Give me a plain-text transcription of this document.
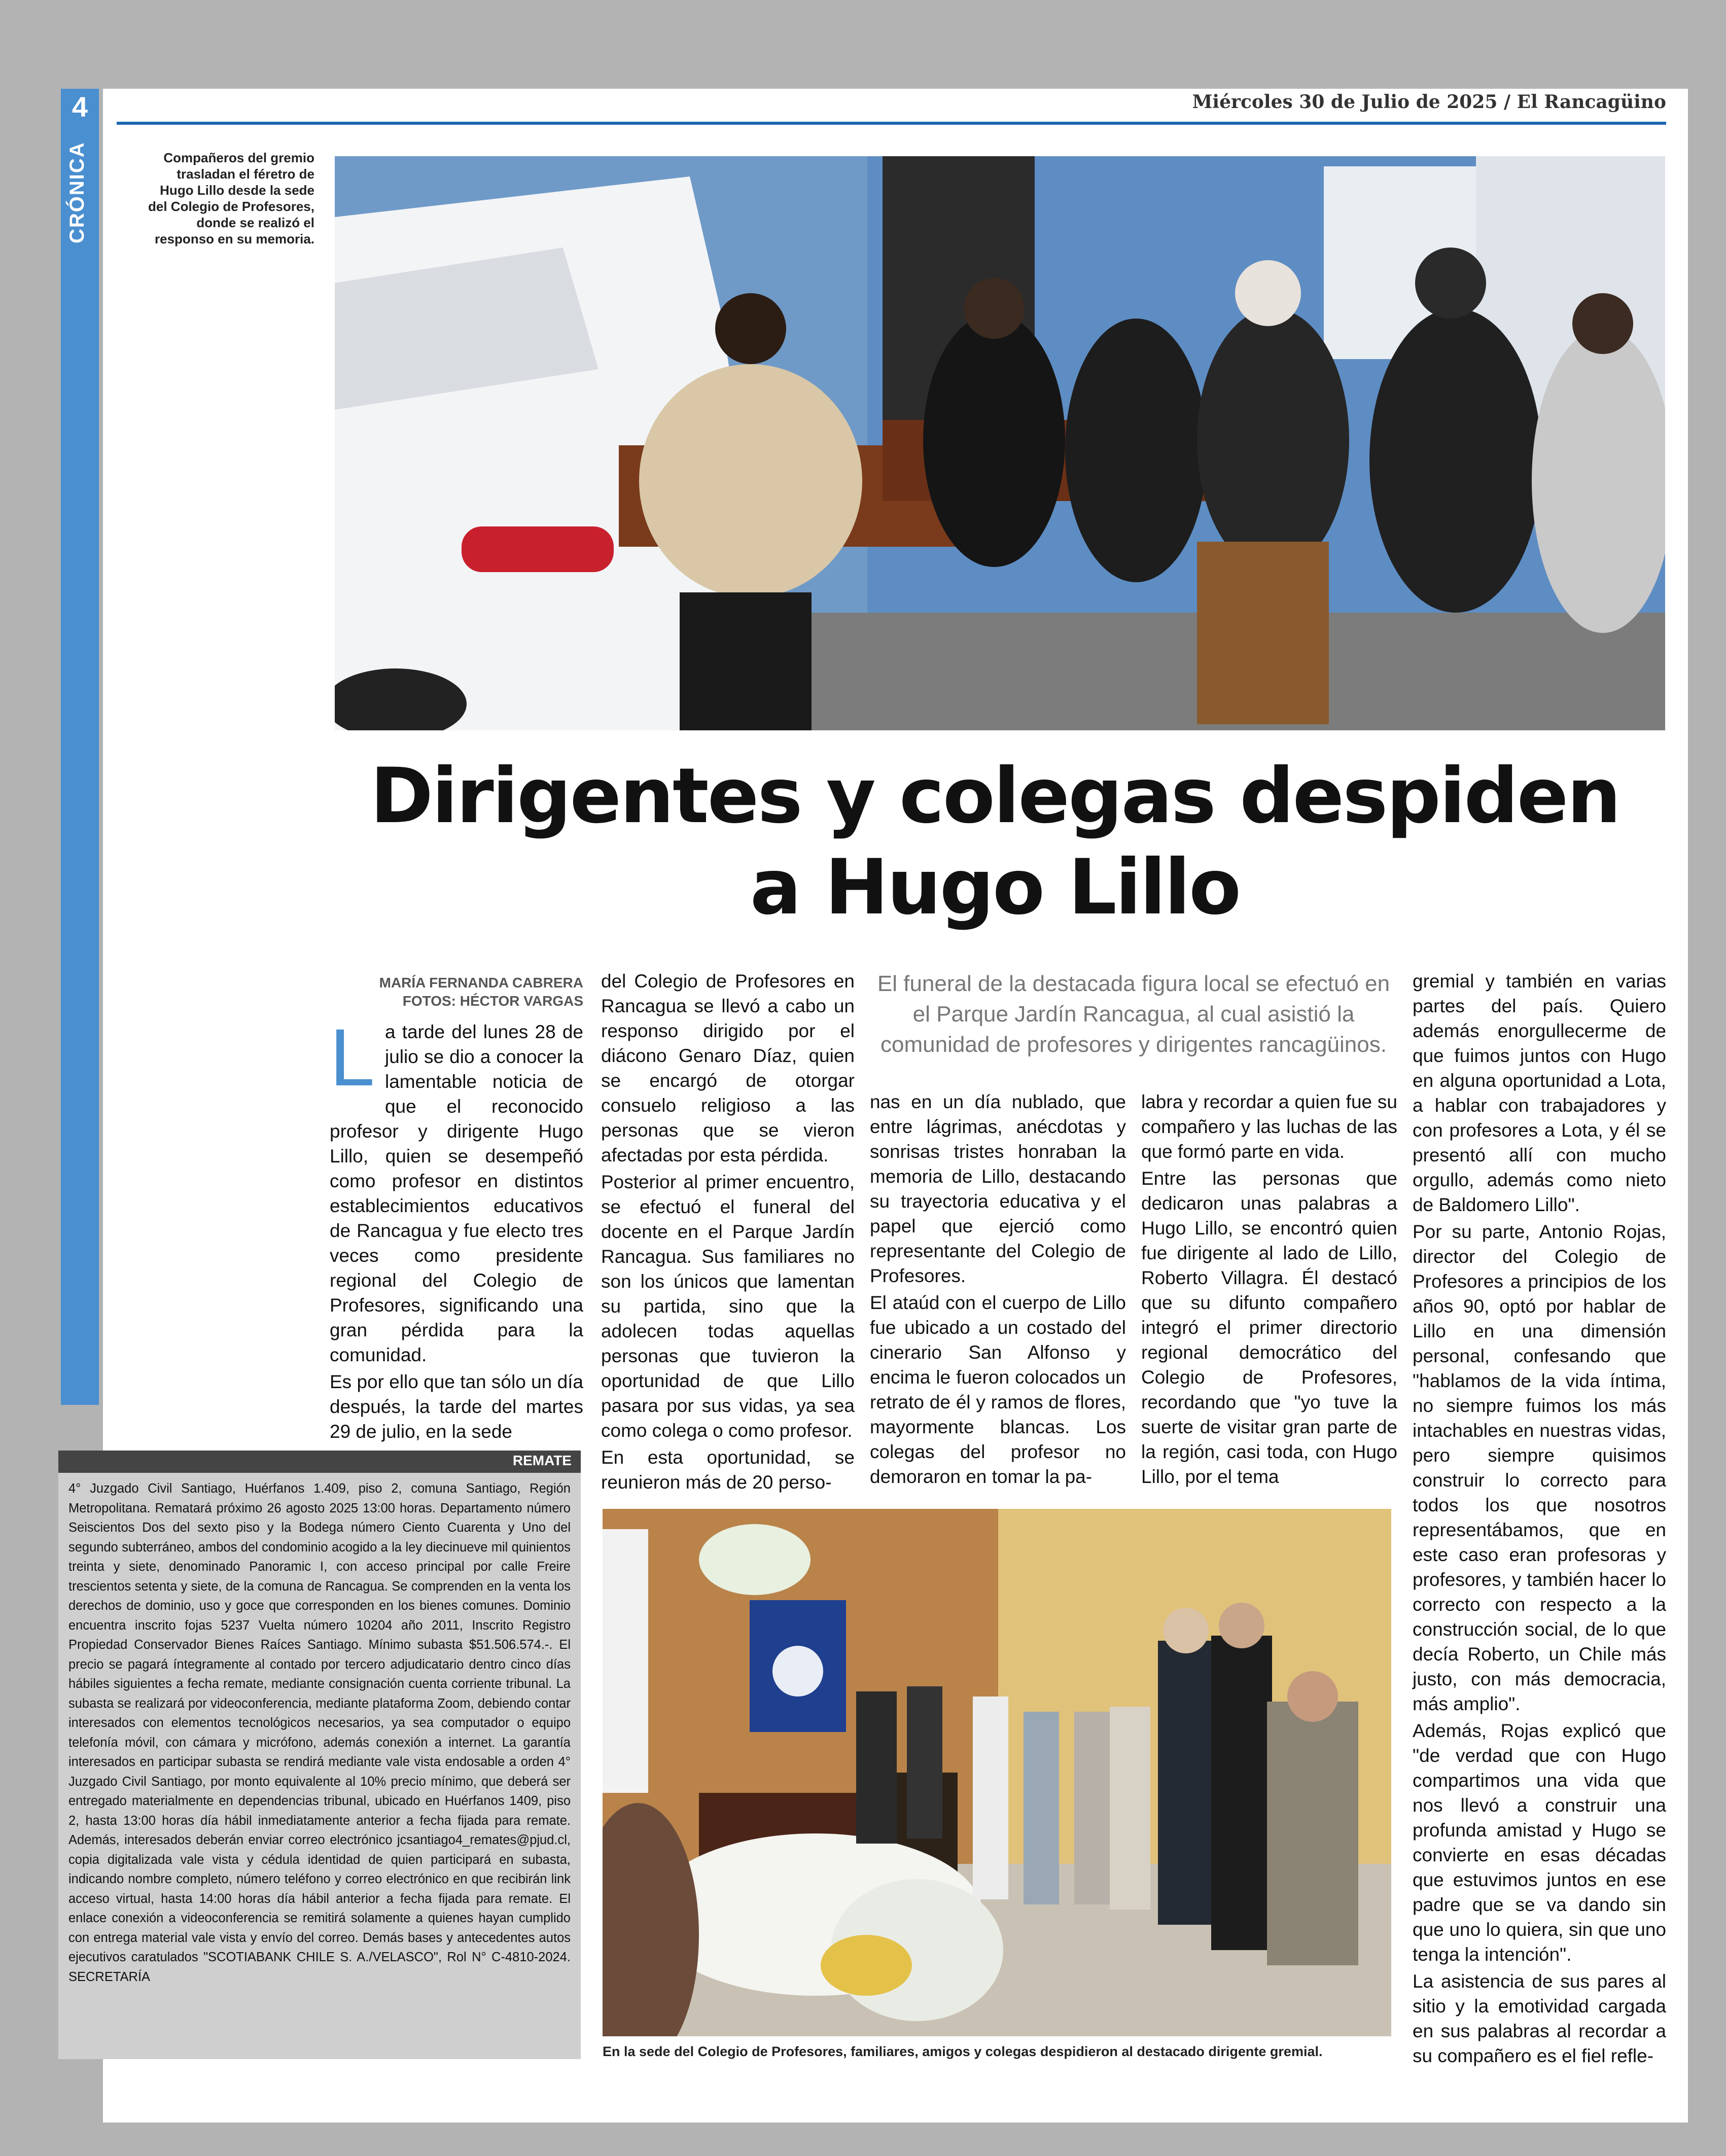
4
CRÓNICA
Miércoles 30 de Julio de 2025 / El Rancagüino
Compañeros del gremio trasladan el féretro de Hugo Lillo desde la sede del Colegio de Profesores, donde se realizó el responso en su memoria.
Dirigentes y colegas despiden
a Hugo Lillo
MARÍA FERNANDA CABRERA
FOTOS: HÉCTOR VARGAS
El funeral de la destacada figura local se efectuó en el Parque Jardín Rancagua, al cual asistió la comunidad de profesores y dirigentes rancagüinos.

La tarde del lunes 28 de julio se dio a conocer la lamentable noticia de que el reconocido profesor y dirigente Hugo Lillo, quien se desempeñó como profesor en distintos establecimientos educativos de Rancagua y fue electo tres veces como presidente regional del Colegio de Profesores, significando una gran pérdida para la comunidad.

Es por ello que tan sólo un día después, la tarde del martes 29 de julio, en la sede

del Colegio de Profesores en Rancagua se llevó a cabo un responso dirigido por el diácono Genaro Díaz, quien se encargó de otorgar consuelo religioso a las personas que se vieron afectadas por esta pérdida.

Posterior al primer encuentro, se efectuó el funeral del docente en el Parque Jardín Rancagua. Sus familiares no son los únicos que lamentan su partida, sino que la adolecen todas aquellas personas que tuvieron la oportunidad de que Lillo pasara por sus vidas, ya sea como colega o como profesor.

En esta oportunidad, se reunieron más de 20 perso-

nas en un día nublado, que entre lágrimas, anécdotas y sonrisas tristes honraban la memoria de Lillo, destacando su trayectoria educativa y el papel que ejerció como representante del Colegio de Profesores.

El ataúd con el cuerpo de Lillo fue ubicado a un costado del cinerario San Alfonso y encima le fueron colocados un retrato de él y ramos de flores, mayormente blancas. Los colegas del profesor no demoraron en tomar la pa-

labra y recordar a quien fue su compañero y las luchas de las que formó parte en vida.

Entre las personas que dedicaron unas palabras a Hugo Lillo, se encontró quien fue dirigente al lado de Lillo, Roberto Villagra. Él destacó que su difunto compañero integró el primer directorio regional democrático del Colegio de Profesores, recordando que "yo tuve la suerte de visitar gran parte de la región, casi toda, con Hugo Lillo, por el tema

gremial y también en varias partes del país. Quiero además enorgullecerme de que fuimos juntos con Hugo en alguna oportunidad a Lota, a hablar con trabajadores y con profesores a Lota, y él se presentó allí con mucho orgullo, además como nieto de Baldomero Lillo".

Por su parte, Antonio Rojas, director del Colegio de Profesores a principios de los años 90, optó por hablar de Lillo en una dimensión personal, confesando que "hablamos de la vida íntima, no siempre fuimos los más intachables en nuestras vidas, pero siempre quisimos construir lo correcto para todos los que nosotros representábamos, que en este caso eran profesoras y profesores, y también hacer lo correcto con respecto a la construcción social, de lo que decía Roberto, un Chile más justo, con más democracia, más amplio".

Además, Rojas explicó que "de verdad que con Hugo compartimos una vida que nos llevó a construir una profunda amistad y Hugo se convierte en esas décadas que estuvimos juntos en ese padre que se va dando sin que uno lo quiera, sin que uno tenga la intención".

La asistencia de sus pares al sitio y la emotividad cargada en sus palabras al recordar a su compañero es el fiel refle-

REMATE
4° Juzgado Civil Santiago, Huérfanos 1.409, piso 2, comuna Santiago, Región Metropolitana. Rematará próximo 26 agosto 2025 13:00 horas. Departamento número Seiscientos Dos del sexto piso y la Bodega número Ciento Cuarenta y Uno del segundo subterráneo, ambos del condominio acogido a la ley diecinueve mil quinientos treinta y siete, denominado Panoramic I, con acceso principal por calle Freire trescientos setenta y siete, de la comuna de Rancagua. Se comprenden en la venta los derechos de dominio, uso y goce que corresponden en los bienes comunes. Dominio encuentra inscrito fojas 5237 Vuelta número 10204 año 2011, Inscrito Registro Propiedad Conservador Bienes Raíces Santiago. Mínimo subasta $51.506.574.-. El precio se pagará íntegramente al contado por tercero adjudicatario dentro cinco días hábiles siguientes a fecha remate, mediante consignación cuenta corriente tribunal. La subasta se realizará por videoconferencia, mediante plataforma Zoom, debiendo contar interesados con elementos tecnológicos necesarios, ya sea computador o equipo telefonía móvil, con cámara y micrófono, además conexión a internet. La garantía interesados en participar subasta se rendirá mediante vale vista endosable a orden 4° Juzgado Civil Santiago, por monto equivalente al 10% precio mínimo, que deberá ser entregado materialmente en dependencias tribunal, ubicado en Huérfanos 1409, piso 2, hasta 13:00 horas día hábil inmediatamente anterior a fecha fijada para remate. Además, interesados deberán enviar correo electrónico jcsantiago4_remates@pjud.cl, copia digitalizada vale vista y cédula identidad de quien participará en subasta, indicando nombre completo, número teléfono y correo electrónico en que recibirán link acceso virtual, hasta 14:00 horas día hábil anterior a fecha fijada para remate. El enlace conexión a videoconferencia se remitirá solamente a quienes hayan cumplido con entrega material vale vista y envío del correo. Demás bases y antecedentes autos ejecutivos caratulados "SCOTIABANK CHILE S. A./VELASCO", Rol N° C-4810-2024. SECRETARÍA
En la sede del Colegio de Profesores, familiares, amigos y colegas despidieron al destacado dirigente gremial.
